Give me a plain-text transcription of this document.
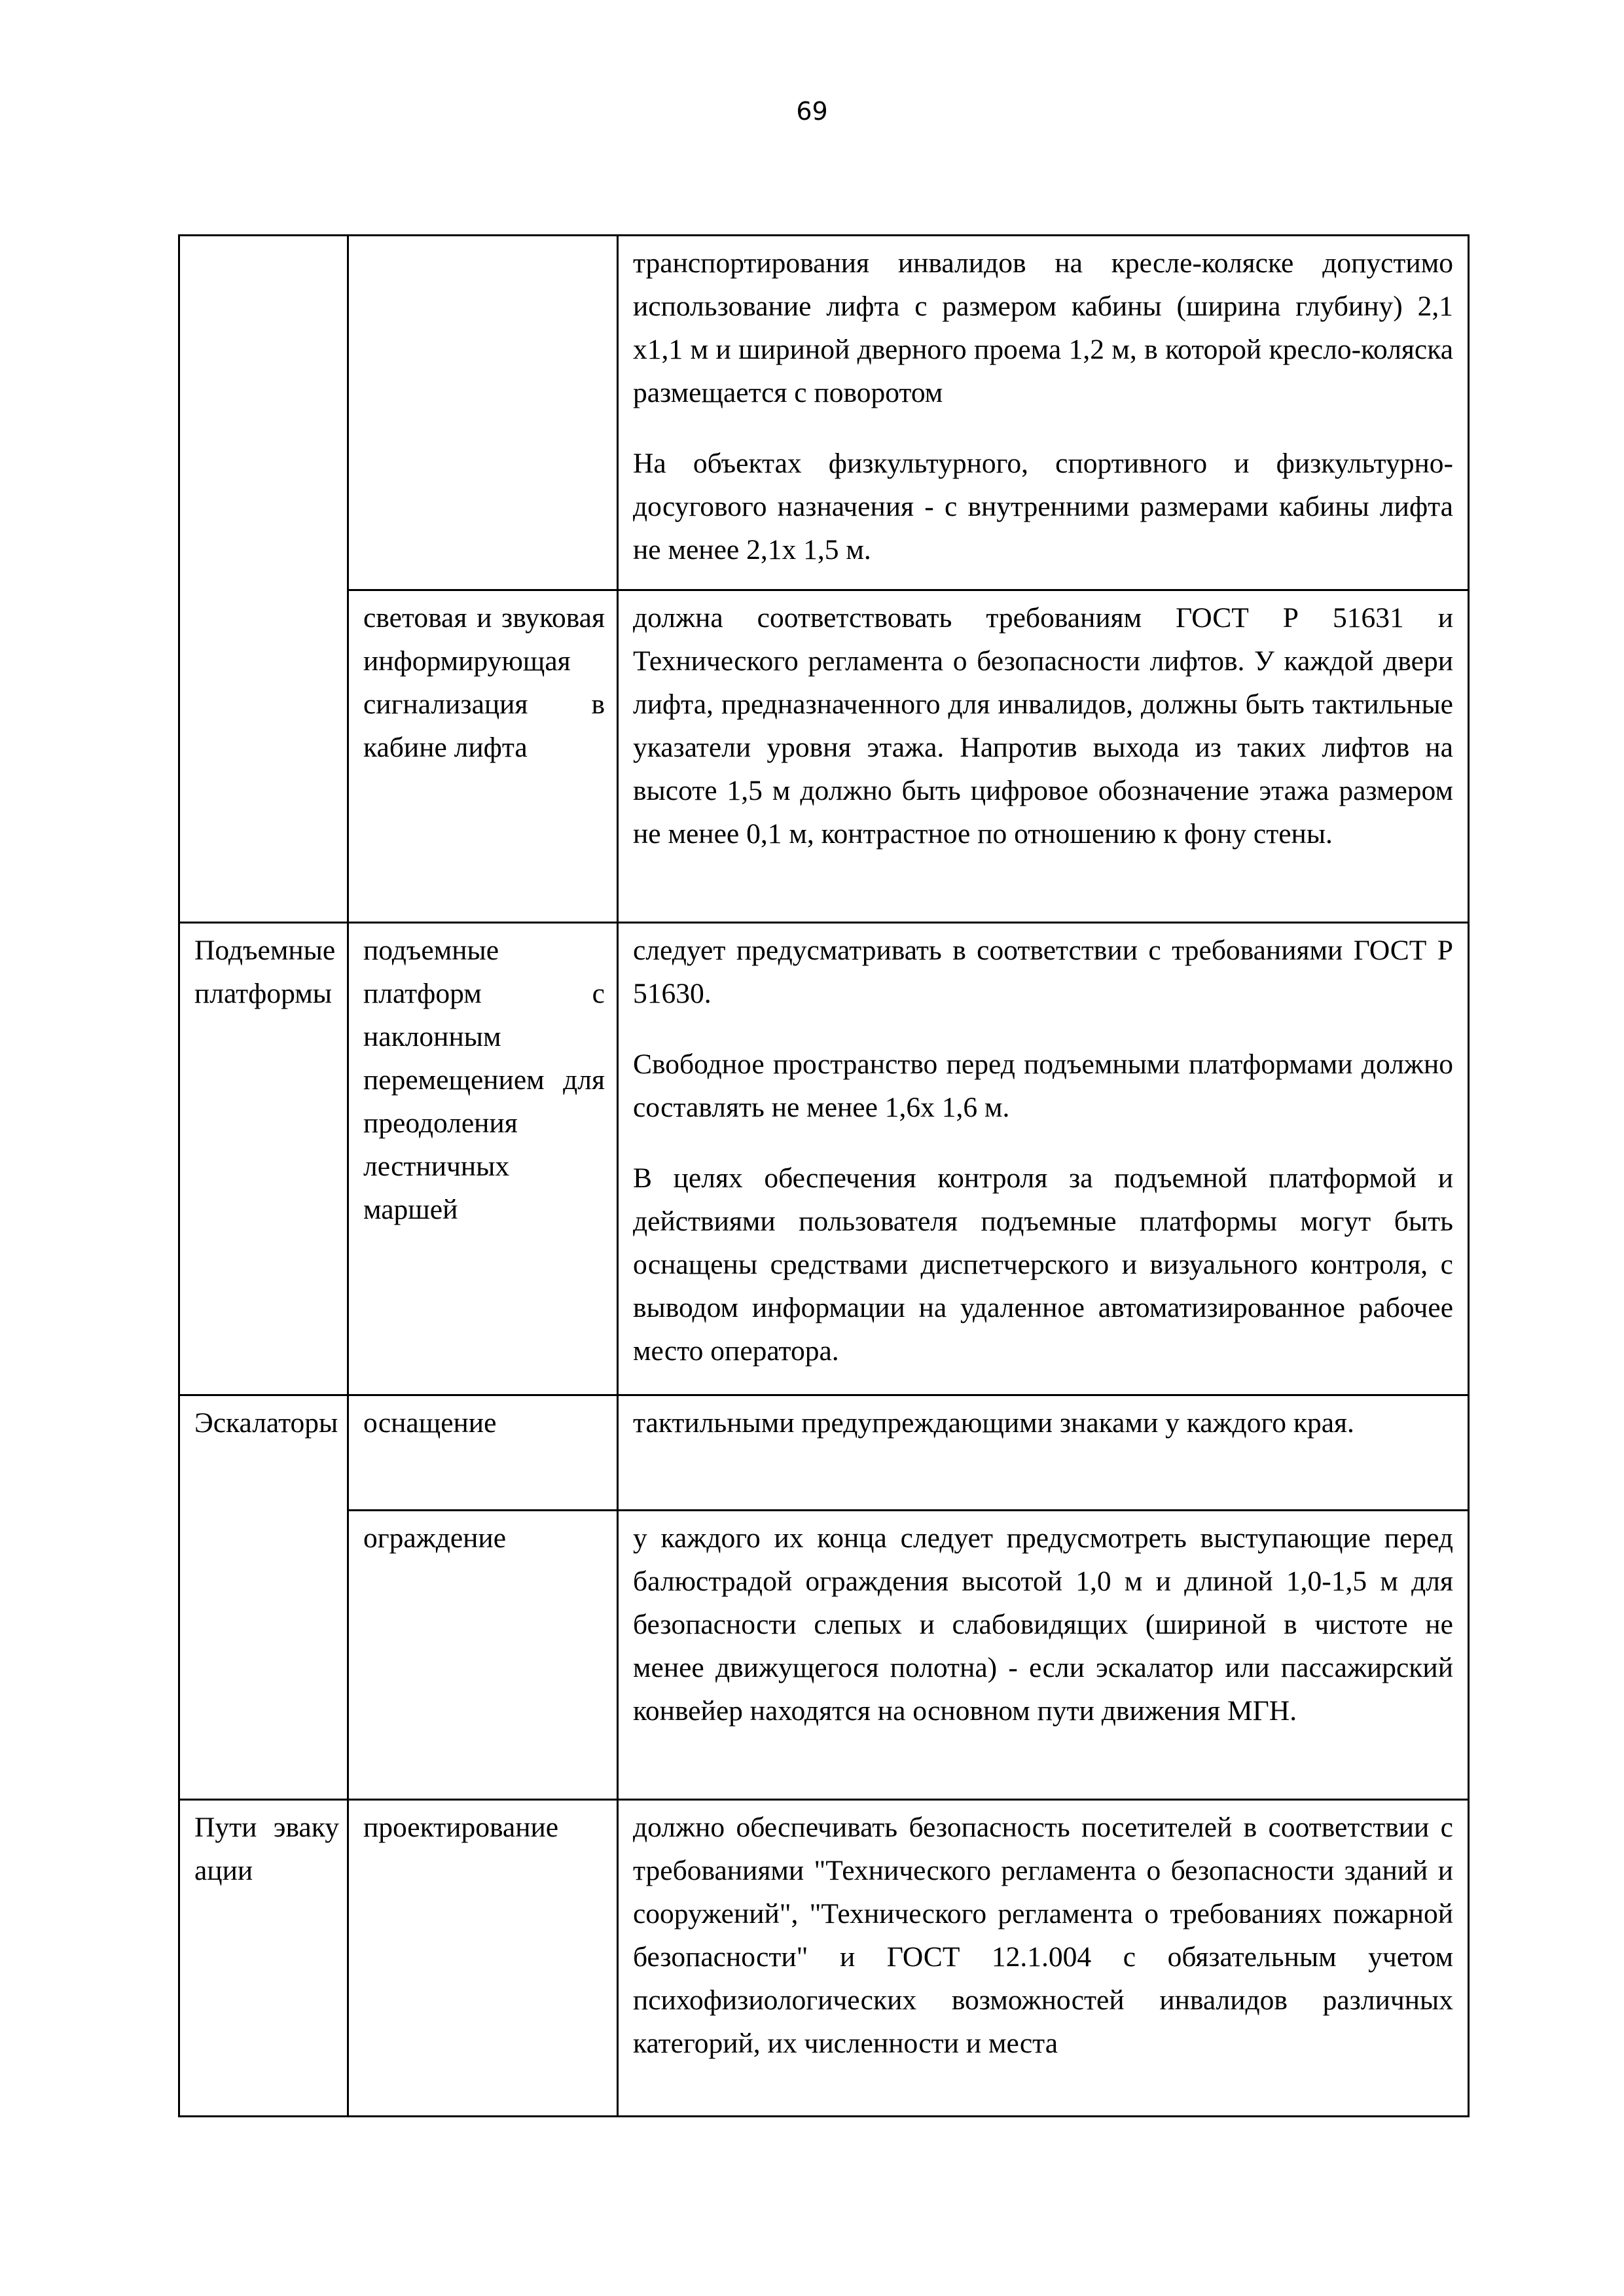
69

		транспортирования инвалидов на кресле-коляске допустимо использование лифта с размером кабины (ширина глубину) 2,1 х1,1 м и шириной дверного проема 1,2 м, в которой кресло-коляска размещается с поворотом

На объектах физкультурного, спортивного и физкультурно-досугового назначения - с внутренними размерами кабины лифта не менее 2,1х 1,5 м.

	световая и звуковая информирующая сигнализация в кабине лифта	должна соответствовать требованиям ГОСТ Р 51631 и Технического регламента о безопасности лифтов. У каждой двери лифта, предназначенного для инвалидов, должны быть тактильные указатели уровня этажа. Напротив выхода из таких лифтов на высоте 1,5 м должно быть цифровое обозначение этажа размером не менее 0,1 м, контрастное по отношению к фону стены.

Подъемные платформы	подъемные платформ с наклонным перемещением для преодоления лестничных маршей	следует предусматривать в соответствии с требованиями ГОСТ Р 51630.

Свободное пространство перед подъемными платформами должно составлять не менее 1,6х 1,6 м.

В целях обеспечения контроля за подъемной платформой и действиями пользователя подъемные платформы могут быть оснащены средствами диспетчерского и визуального контроля, с выводом информации на удаленное автоматизированное рабочее место оператора.

Эскалаторы	оснащение	тактильными предупреждающими знаками у каждого края.

	ограждение	у каждого их конца следует предусмотреть выступающие перед балюстрадой ограждения высотой 1,0 м и длиной 1,0-1,5 м для безопасности слепых и слабовидящих (шириной в чистоте не менее движущегося полотна) - если эскалатор или пассажирский конвейер находятся на основном пути движения МГН.

Пути эвакуации	проектирование	должно обеспечивать безопасность посетителей в соответствии с требованиями "Технического регламента о безопасности зданий и сооружений", "Технического регламента о требованиях пожарной безопасности" и ГОСТ 12.1.004 с обязательным учетом психофизиологических возможностей инвалидов различных категорий, их численности и места
